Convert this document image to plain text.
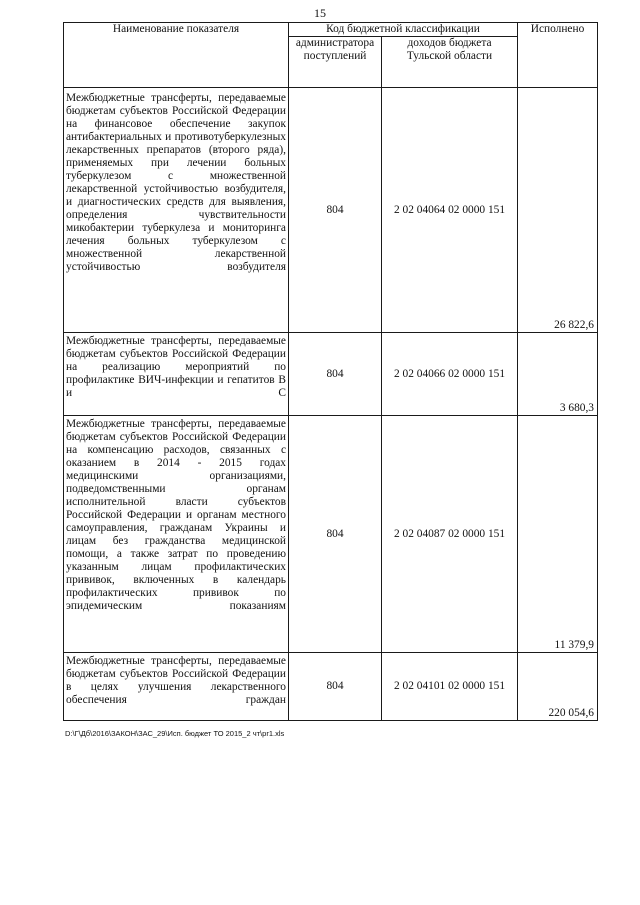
15
Наименование показателя	Код бюджетной классификации		Исполнено
	администратора поступлений	доходов бюджета Тульской области	
Межбюджетные трансферты, передаваемые бюджетам субъектов Российской Федерации на финансовое обеспечение закупок антибактериальных и противотуберкулезных лекарственных препаратов (второго ряда), применяемых при лечении больных туберкулезом с множественной лекарственной устойчивостью возбудителя, и диагностических средств для выявления, определения чувствительности микобактерии туберкулеза и мониторинга лечения больных туберкулезом с множественной лекарственной устойчивостью возбудителя	804	2 02 04064 02 0000 151	26 822,6
Межбюджетные трансферты, передаваемые бюджетам субъектов Российской Федерации на реализацию мероприятий по профилактике ВИЧ-инфекции и гепатитов В и С	804	2 02 04066 02 0000 151	3 680,3
Межбюджетные трансферты, передаваемые бюджетам субъектов Российской Федерации на компенсацию расходов, связанных с оказанием в 2014 - 2015 годах медицинскими организациями, подведомственными органам исполнительной власти субъектов Российской Федерации и органам местного самоуправления, гражданам Украины и лицам без гражданства медицинской помощи, а также затрат по проведению указанным лицам профилактических прививок, включенных в календарь профилактических прививок по эпидемическим показаниям	804	2 02 04087 02 0000 151	11 379,9
Межбюджетные трансферты, передаваемые бюджетам субъектов Российской Федерации в целях улучшения лекарственного обеспечения граждан	804	2 02 04101 02 0000 151	220 054,6
D:\Г\Дб\2016\ЗАКОН\ЗАС_29\Исп. бюджет ТО 2015_2 чт\pr1.xls
